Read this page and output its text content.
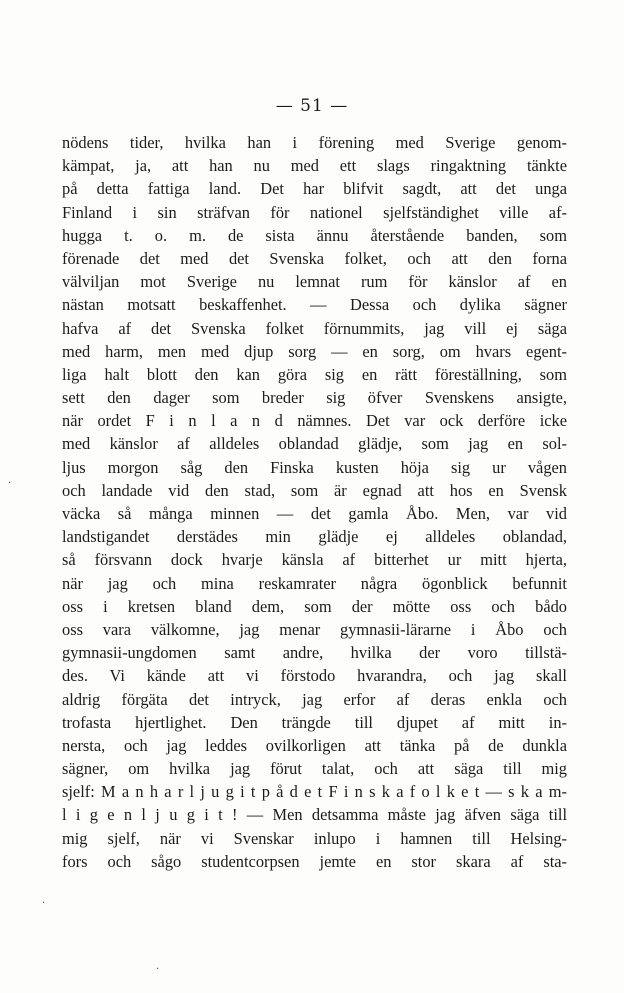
— 51 —
nödens tider, hvilka han i förening med Sverige genom-
kämpat, ja, att han nu med ett slags ringaktning tänkte
på detta fattiga land. Det har blifvit sagdt, att det unga
Finland i sin sträfvan för nationel sjelfständighet ville af-
hugga t. o. m. de sista ännu återstående banden, som
förenade det med det Svenska folket, och att den forna
välviljan mot Sverige nu lemnat rum för känslor af en
nästan motsatt beskaffenhet. — Dessa och dylika sägner
hafva af det Svenska folket förnummits, jag vill ej säga
med harm, men med djup sorg — en sorg, om hvars egent-
liga halt blott den kan göra sig en rätt föreställning, som
sett den dager som breder sig öfver Svenskens ansigte,
när ordet F i n l a n d nämnes. Det var ock derföre icke
med känslor af alldeles oblandad glädje, som jag en sol-
ljus morgon såg den Finska kusten höja sig ur vågen
och landade vid den stad, som är egnad att hos en Svensk
väcka så många minnen — det gamla Åbo. Men, var vid
landstigandet derstädes min glädje ej alldeles oblandad,
så försvann dock hvarje känsla af bitterhet ur mitt hjerta,
när jag och mina reskamrater några ögonblick befunnit
oss i kretsen bland dem, som der mötte oss och bådo
oss vara välkomne, jag menar gymnasii-lärarne i Åbo och
gymnasii-ungdomen samt andre, hvilka der voro tillstä-
des. Vi kände att vi förstodo hvarandra, och jag skall
aldrig förgäta det intryck, jag erfor af deras enkla och
trofasta hjertlighet. Den trängde till djupet af mitt in-
nersta, och jag leddes ovilkorligen att tänka på de dunkla
sägner, om hvilka jag förut talat, och att säga till mig
sjelf: M a n h a r l j u g i t p å d e t F i n s k a f o l k e t — s k a m-
l i g e n l j u g i t ! — Men detsamma måste jag äfven säga till
mig sjelf, när vi Svenskar inlupo i hamnen till Helsing-
fors och sågo studentcorpsen jemte en stor skara af sta-
·
·
·
